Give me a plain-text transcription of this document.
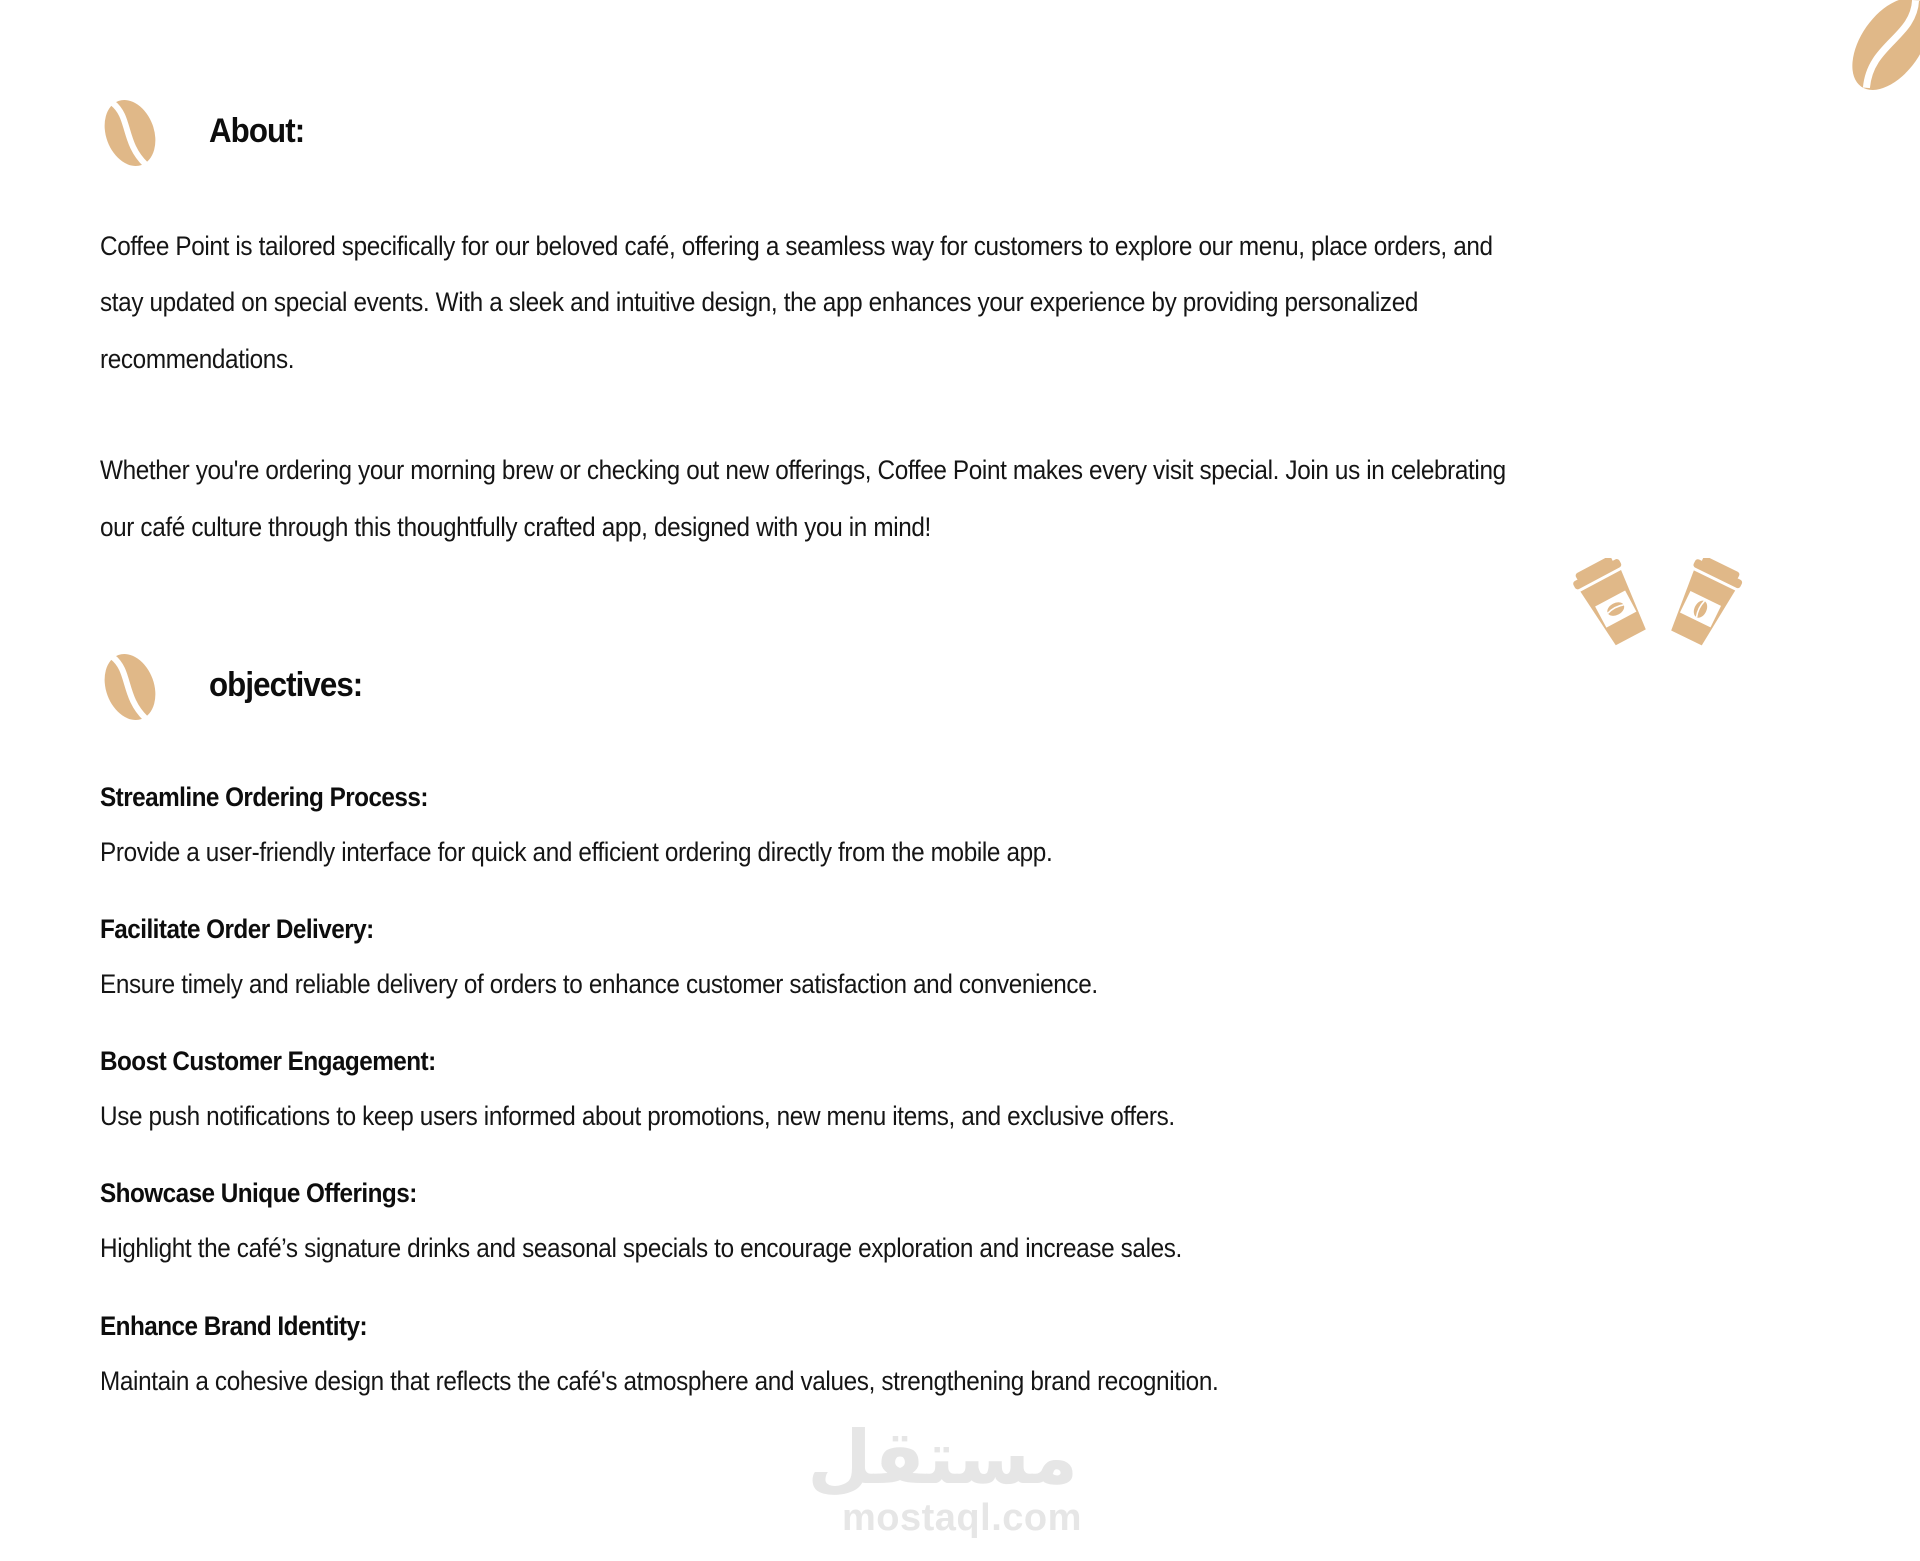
About:
Coffee Point is tailored specifically for our beloved café, offering a seamless way for customers to explore our menu, place orders, and
stay updated on special events. With a sleek and intuitive design, the app enhances your experience by providing personalized
recommendations.
Whether you're ordering your morning brew or checking out new offerings, Coffee Point makes every visit special. Join us in celebrating
our café culture through this thoughtfully crafted app, designed with you in mind!
objectives:
Streamline Ordering Process:
Provide a user-friendly interface for quick and efficient ordering directly from the mobile app.
Facilitate Order Delivery:
Ensure timely and reliable delivery of orders to enhance customer satisfaction and convenience.
Boost Customer Engagement:
Use push notifications to keep users informed about promotions, new menu items, and exclusive offers.
Showcase Unique Offerings:
Highlight the café’s signature drinks and seasonal specials to encourage exploration and increase sales.
Enhance Brand Identity:
Maintain a cohesive design that reflects the café's atmosphere and values, strengthening brand recognition.
مستقل
mostaql.com
